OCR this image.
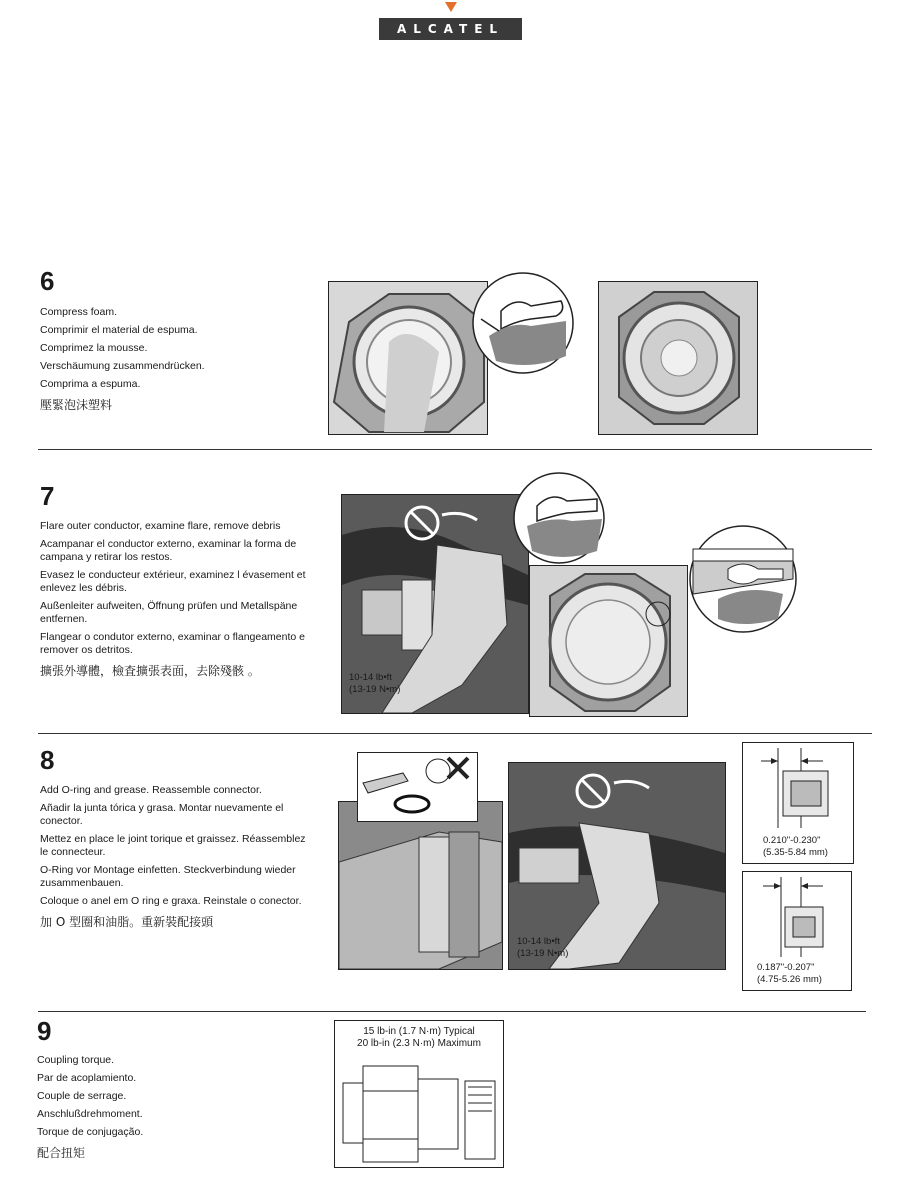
ALCATEL
6
Compress foam.
Comprimir el material de espuma.
Comprimez la mousse.
Verschäumung zusammendrücken.
Comprima a espuma.
壓緊泡沫塑料
7
Flare outer conductor, examine flare, remove debris
Acampanar el conductor externo, examinar la forma de campana y retirar los restos.
Evasez le conducteur extérieur, examinez l évasement et enlevez les débris.
Außenleiter aufweiten, Öffnung prüfen und Metallspäne entfernen.
Flangear o condutor externo, examinar o flangeamento e remover os detritos.
擴張外導體，檢査擴張表面，去除殘骸 。	10-14 lb•ft
(13-19 N•m)
8
Add O-ring and grease. Reassemble connector.
Añadir la junta tórica y grasa. Montar nuevamente el conector.
Mettez en place le joint torique et graissez. Réassemblez le connecteur.
O-Ring vor Montage einfetten. Steckverbindung wieder zusammenbauen.
Coloque o anel em O ring e graxa. Reinstale o conector.
加 O 型圈和油脂。重新裝配接頭
10-14 lb•ft
(13-19 N•m)
0.210"-0.230"
(5.35-5.84 mm)
0.187"-0.207"
(4.75-5.26 mm)
9
Coupling torque.
Par de acoplamiento.
Couple de serrage.
Anschlußdrehmoment.
Torque de conjugação.
配合扭矩
15 lb-in (1.7 N·m) Typical
20 lb-in (2.3 N·m) Maximum
